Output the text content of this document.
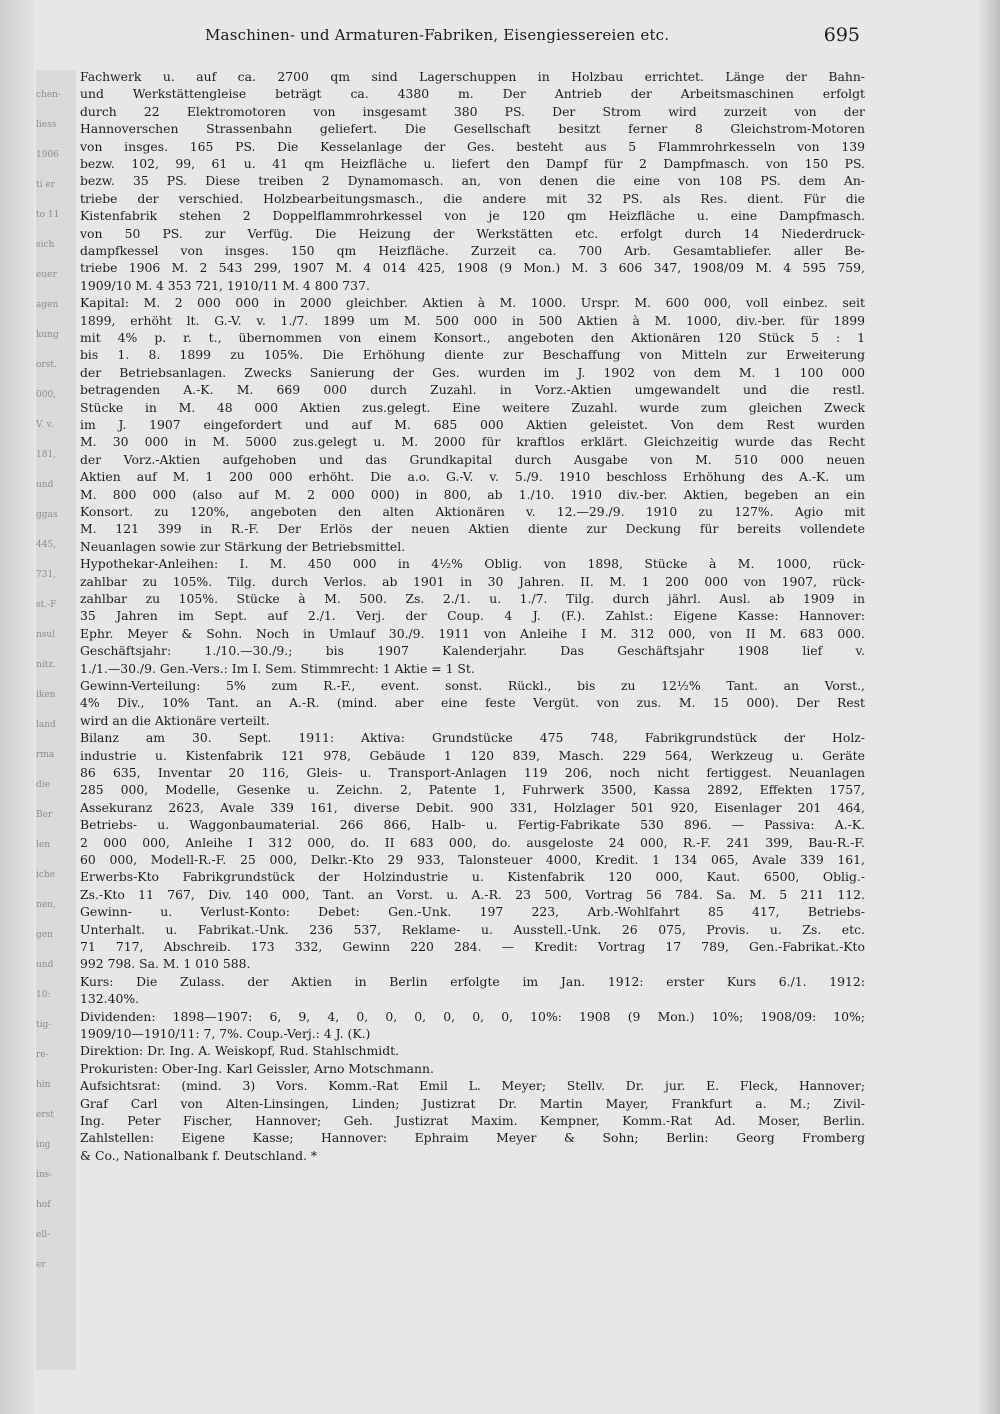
chen-
liess
1906
ti er
to 11
sich
euer
agen
kung
orst.
000,
V. v.
181,
und
ggas
445,
731,
st.-F
nsul
nitz.
iken
land
rma
die
Ber
len
iche
nen,
gen
und
10:
tig-
re-
hin
erst
ing
ins-
hof
ell-
er
Maschinen- und Armaturen-Fabriken, Eisengiessereien etc.	695
Fachwerk u. auf ca. 2700 qm sind Lagerschuppen in Holzbau errichtet. Länge der Bahn-
und Werkstättengleise beträgt ca. 4380 m. Der Antrieb der Arbeitsmaschinen erfolgt
durch 22 Elektromotoren von insgesamt 380 PS. Der Strom wird zurzeit von der
Hannoverschen Strassenbahn geliefert. Die Gesellschaft besitzt ferner 8 Gleichstrom-Motoren
von insges. 165 PS. Die Kesselanlage der Ges. besteht aus 5 Flammrohrkesseln von 139
bezw. 102, 99, 61 u. 41 qm Heizfläche u. liefert den Dampf für 2 Dampfmasch. von 150 PS.
bezw. 35 PS. Diese treiben 2 Dynamomasch. an, von denen die eine von 108 PS. dem An-
triebe der verschied. Holzbearbeitungsmasch., die andere mit 32 PS. als Res. dient. Für die
Kistenfabrik stehen 2 Doppelflammrohrkessel von je 120 qm Heizfläche u. eine Dampfmasch.
von 50 PS. zur Verfüg. Die Heizung der Werkstätten etc. erfolgt durch 14 Niederdruck-
dampfkessel von insges. 150 qm Heizfläche. Zurzeit ca. 700 Arb. Gesamtabliefer. aller Be-
triebe 1906 M. 2 543 299, 1907 M. 4 014 425, 1908 (9 Mon.) M. 3 606 347, 1908/09 M. 4 595 759,
1909/10 M. 4 353 721, 1910/11 M. 4 800 737.
Kapital: M. 2 000 000 in 2000 gleichber. Aktien à M. 1000. Urspr. M. 600 000, voll einbez. seit
1899, erhöht lt. G.-V. v. 1./7. 1899 um M. 500 000 in 500 Aktien à M. 1000, div.-ber. für 1899
mit 4% p. r. t., übernommen von einem Konsort., angeboten den Aktionären 120 Stück 5 : 1
bis 1. 8. 1899 zu 105%. Die Erhöhung diente zur Beschaffung von Mitteln zur Erweiterung
der Betriebsanlagen. Zwecks Sanierung der Ges. wurden im J. 1902 von dem M. 1 100 000
betragenden A.-K. M. 669 000 durch Zuzahl. in Vorz.-Aktien umgewandelt und die restl.
Stücke in M. 48 000 Aktien zus.gelegt. Eine weitere Zuzahl. wurde zum gleichen Zweck
im J. 1907 eingefordert und auf M. 685 000 Aktien geleistet. Von dem Rest wurden
M. 30 000 in M. 5000 zus.gelegt u. M. 2000 für kraftlos erklärt. Gleichzeitig wurde das Recht
der Vorz.-Aktien aufgehoben und das Grundkapital durch Ausgabe von M. 510 000 neuen
Aktien auf M. 1 200 000 erhöht. Die a.o. G.-V. v. 5./9. 1910 beschloss Erhöhung des A.-K. um
M. 800 000 (also auf M. 2 000 000) in 800, ab 1./10. 1910 div.-ber. Aktien, begeben an ein
Konsort. zu 120%, angeboten den alten Aktionären v. 12.—29./9. 1910 zu 127%. Agio mit
M. 121 399 in R.-F. Der Erlös der neuen Aktien diente zur Deckung für bereits vollendete
Neuanlagen sowie zur Stärkung der Betriebsmittel.
Hypothekar-Anleihen: I. M. 450 000 in 4½% Oblig. von 1898, Stücke à M. 1000, rück-
zahlbar zu 105%. Tilg. durch Verlos. ab 1901 in 30 Jahren. II. M. 1 200 000 von 1907, rück-
zahlbar zu 105%. Stücke à M. 500. Zs. 2./1. u. 1./7. Tilg. durch jährl. Ausl. ab 1909 in
35 Jahren im Sept. auf 2./1. Verj. der Coup. 4 J. (F.). Zahlst.: Eigene Kasse: Hannover:
Ephr. Meyer & Sohn. Noch in Umlauf 30./9. 1911 von Anleihe I M. 312 000, von II M. 683 000.
Geschäftsjahr: 1./10.—30./9.; bis 1907 Kalenderjahr. Das Geschäftsjahr 1908 lief v.
1./1.—30./9. Gen.-Vers.: Im I. Sem. Stimmrecht: 1 Aktie = 1 St.
Gewinn-Verteilung: 5% zum R.-F., event. sonst. Rückl., bis zu 12½% Tant. an Vorst.,
4% Div., 10% Tant. an A.-R. (mind. aber eine feste Vergüt. von zus. M. 15 000). Der Rest
wird an die Aktionäre verteilt.
Bilanz am 30. Sept. 1911: Aktiva: Grundstücke 475 748, Fabrikgrundstück der Holz-
industrie u. Kistenfabrik 121 978, Gebäude 1 120 839, Masch. 229 564, Werkzeug u. Geräte
86 635, Inventar 20 116, Gleis- u. Transport-Anlagen 119 206, noch nicht fertiggest. Neuanlagen
285 000, Modelle, Gesenke u. Zeichn. 2, Patente 1, Fuhrwerk 3500, Kassa 2892, Effekten 1757,
Assekuranz 2623, Avale 339 161, diverse Debit. 900 331, Holzlager 501 920, Eisenlager 201 464,
Betriebs- u. Waggonbaumaterial. 266 866, Halb- u. Fertig-Fabrikate 530 896. — Passiva: A.-K.
2 000 000, Anleihe I 312 000, do. II 683 000, do. ausgeloste 24 000, R.-F. 241 399, Bau-R.-F.
60 000, Modell-R.-F. 25 000, Delkr.-Kto 29 933, Talonsteuer 4000, Kredit. 1 134 065, Avale 339 161,
Erwerbs-Kto Fabrikgrundstück der Holzindustrie u. Kistenfabrik 120 000, Kaut. 6500, Oblig.-
Zs.-Kto 11 767, Div. 140 000, Tant. an Vorst. u. A.-R. 23 500, Vortrag 56 784. Sa. M. 5 211 112.
Gewinn- u. Verlust-Konto: Debet: Gen.-Unk. 197 223, Arb.-Wohlfahrt 85 417, Betriebs-
Unterhalt. u. Fabrikat.-Unk. 236 537, Reklame- u. Ausstell.-Unk. 26 075, Provis. u. Zs. etc.
71 717, Abschreib. 173 332, Gewinn 220 284. — Kredit: Vortrag 17 789, Gen.-Fabrikat.-Kto
992 798. Sa. M. 1 010 588.
Kurs: Die Zulass. der Aktien in Berlin erfolgte im Jan. 1912: erster Kurs 6./1. 1912:
132.40%.
Dividenden: 1898—1907: 6, 9, 4, 0, 0, 0, 0, 0, 0, 10%: 1908 (9 Mon.) 10%; 1908/09: 10%;
1909/10—1910/11: 7, 7%. Coup.-Verj.: 4 J. (K.)
Direktion: Dr. Ing. A. Weiskopf, Rud. Stahlschmidt.
Prokuristen: Ober-Ing. Karl Geissler, Arno Motschmann.
Aufsichtsrat: (mind. 3) Vors. Komm.-Rat Emil L. Meyer; Stellv. Dr. jur. E. Fleck, Hannover;
Graf Carl von Alten-Linsingen, Linden; Justizrat Dr. Martin Mayer, Frankfurt a. M.; Zivil-
Ing. Peter Fischer, Hannover; Geh. Justizrat Maxim. Kempner, Komm.-Rat Ad. Moser, Berlin.
Zahlstellen: Eigene Kasse; Hannover: Ephraim Meyer & Sohn; Berlin: Georg Fromberg
& Co., Nationalbank f. Deutschland. *
